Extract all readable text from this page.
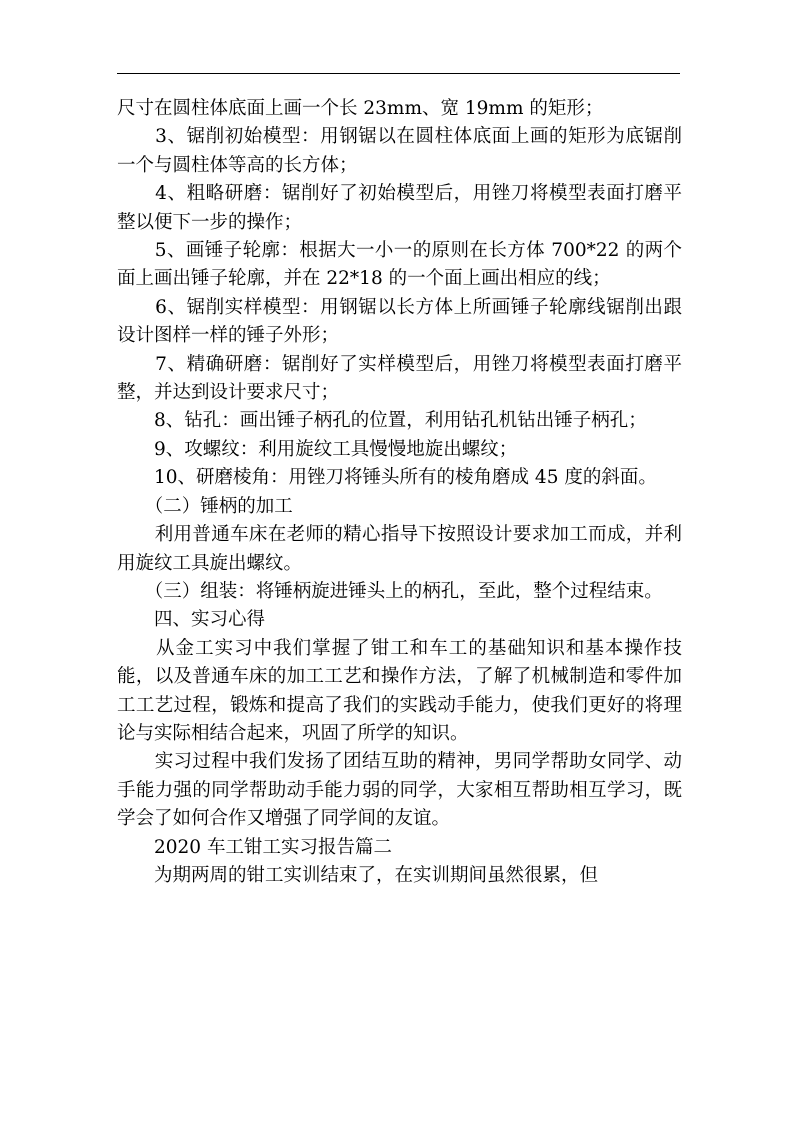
尺寸在圆柱体底面上画一个长 23mm、宽 19mm 的矩形；

　　3、锯削初始模型：用钢锯以在圆柱体底面上画的矩形为底锯削一个与圆柱体等高的长方体；

　　4、粗略研磨：锯削好了初始模型后，用锉刀将模型表面打磨平整以便下一步的操作；

　　5、画锤子轮廓：根据大一小一的原则在长方体 700*22 的两个面上画出锤子轮廓，并在 22*18 的一个面上画出相应的线；

　　6、锯削实样模型：用钢锯以长方体上所画锤子轮廓线锯削出跟设计图样一样的锤子外形；

　　7、精确研磨：锯削好了实样模型后，用锉刀将模型表面打磨平整，并达到设计要求尺寸；

　　8、钻孔：画出锤子柄孔的位置，利用钻孔机钻出锤子柄孔；

　　9、攻螺纹：利用旋纹工具慢慢地旋出螺纹；

　　10、研磨棱角：用锉刀将锤头所有的棱角磨成 45 度的斜面。

　　（二）锤柄的加工

　　利用普通车床在老师的精心指导下按照设计要求加工而成，并利用旋纹工具旋出螺纹。

　　（三）组装：将锤柄旋进锤头上的柄孔，至此，整个过程结束。

　　四、实习心得

　　从金工实习中我们掌握了钳工和车工的基础知识和基本操作技能，以及普通车床的加工工艺和操作方法，了解了机械制造和零件加工工艺过程，锻炼和提高了我们的实践动手能力，使我们更好的将理论与实际相结合起来，巩固了所学的知识。

　　实习过程中我们发扬了团结互助的精神，男同学帮助女同学、动手能力强的同学帮助动手能力弱的同学，大家相互帮助相互学习，既学会了如何合作又增强了同学间的友谊。

　　2020 车工钳工实习报告篇二

　　为期两周的钳工实训结束了，在实训期间虽然很累，但
